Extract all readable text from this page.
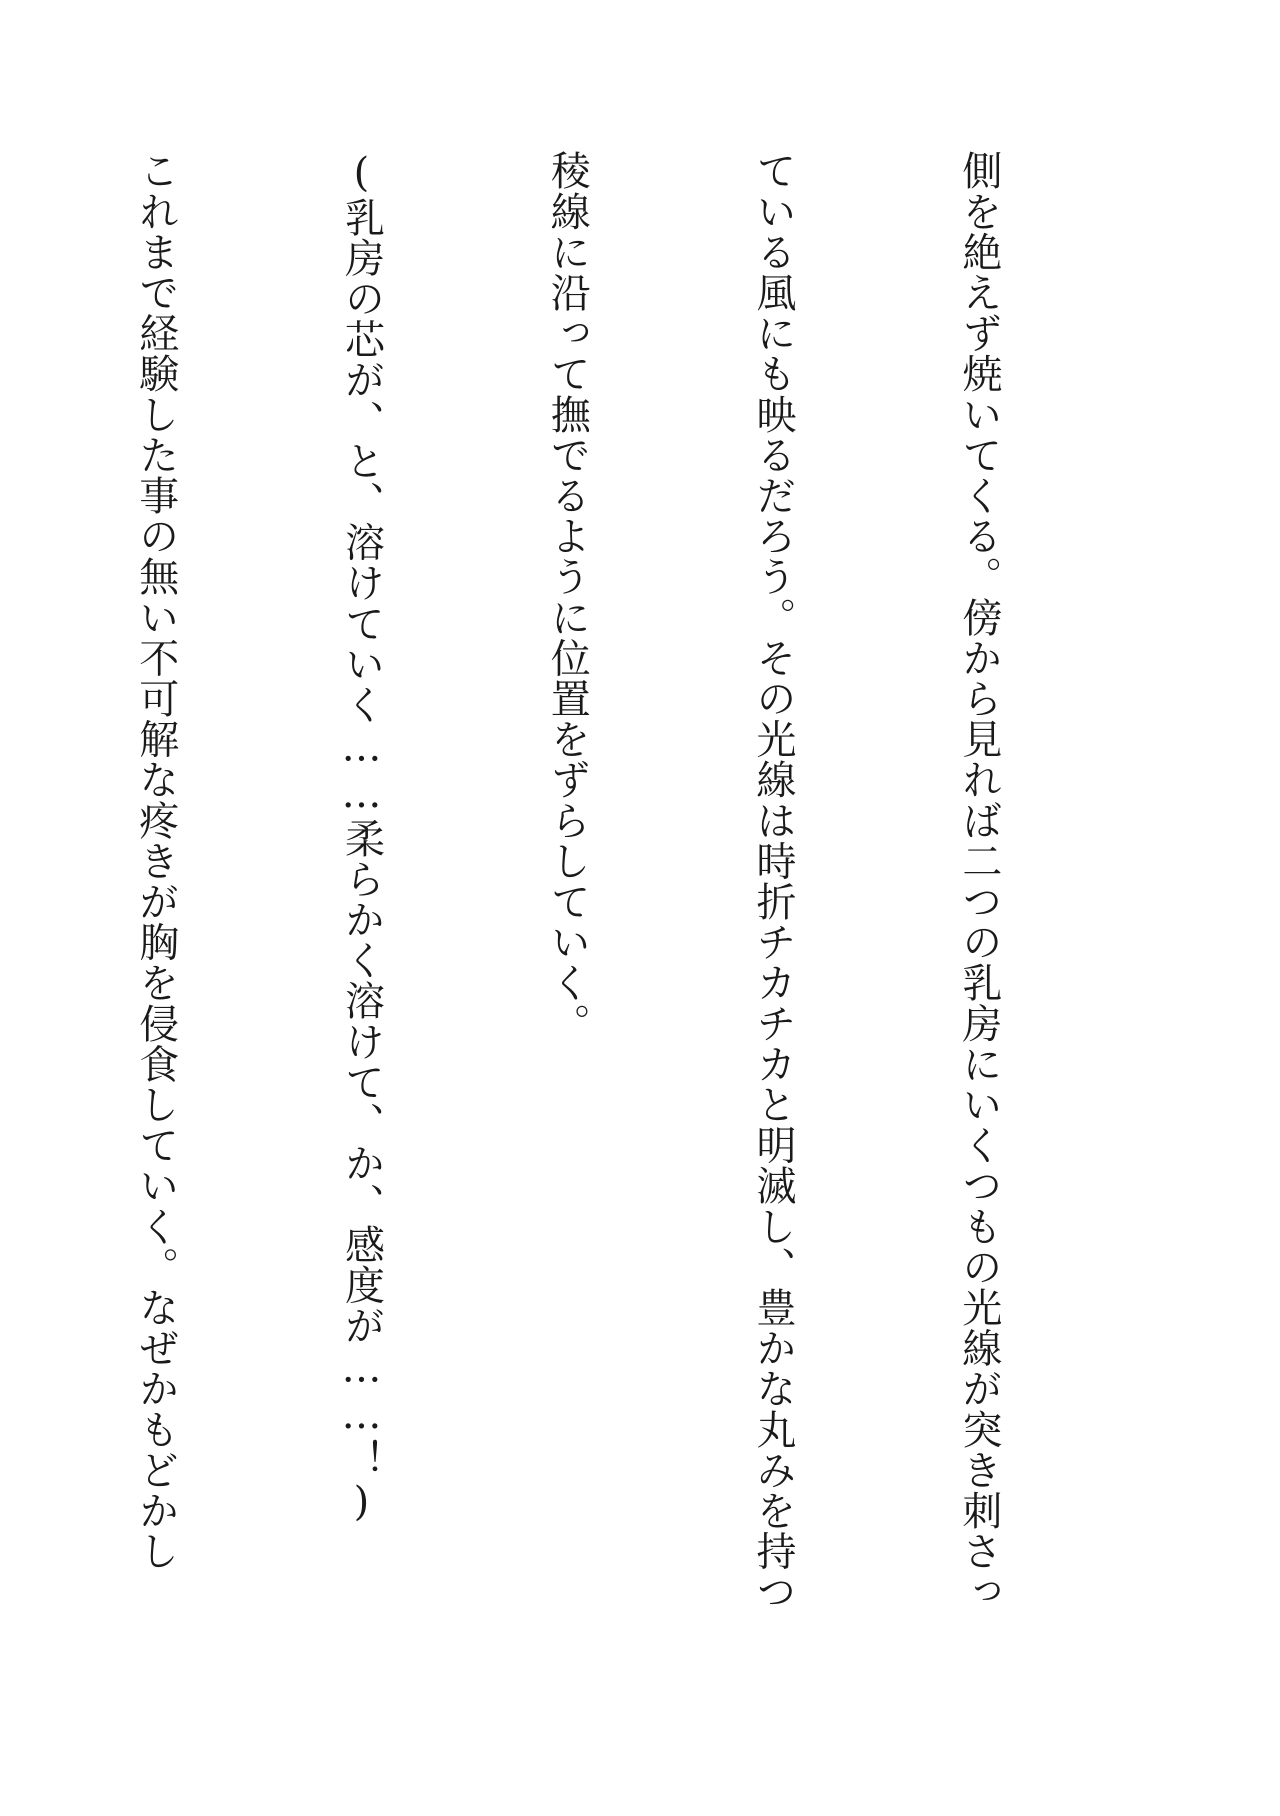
側を絶えず焼いてくる。傍から見れば二つの乳房にいくつもの光線が突き刺さっ

ている風にも映るだろう。その光線は時折チカチカと明滅し、豊かな丸みを持つ

稜線に沿って撫でるように位置をずらしていく。

(乳房の芯が、と、溶けていく……柔らかく溶けて、か、感度が……！)

これまで経験した事の無い不可解な疼きが胸を侵食していく。なぜかもどかし
